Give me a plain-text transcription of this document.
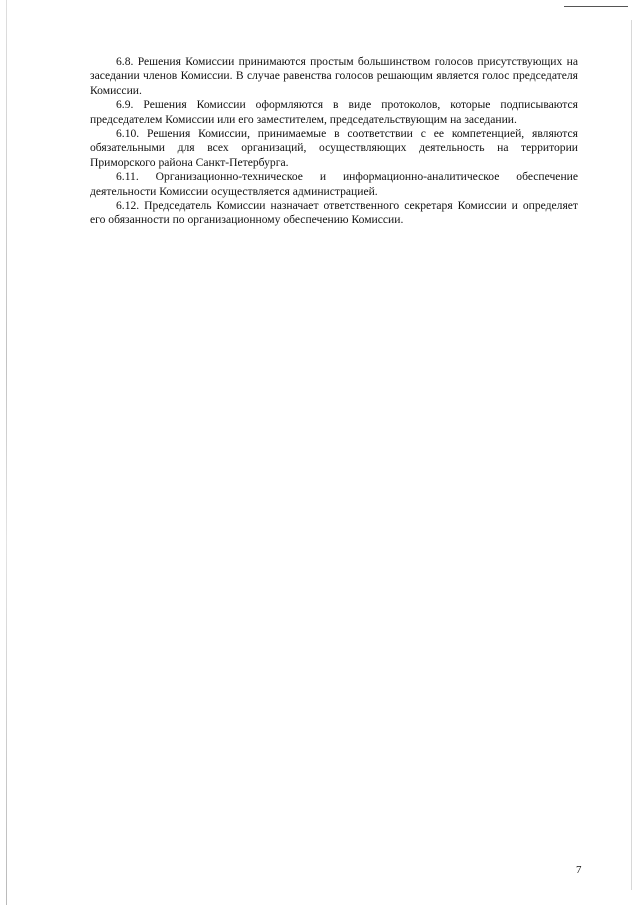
6.8. Решения Комиссии принимаются простым большинством голосов присутствующих на заседании членов Комиссии. В случае равенства голосов решающим является голос председателя Комиссии.

6.9. Решения Комиссии оформляются в виде протоколов, которые подписываются председателем Комиссии или его заместителем, председательствующим на заседании.

6.10. Решения Комиссии, принимаемые в соответствии с ее компетенцией, являются обязательными для всех организаций, осуществляющих деятельность на территории Приморского района Санкт-Петербурга.

6.11. Организационно-техническое и информационно-аналитическое обеспечение деятельности Комиссии осуществляется администрацией.

6.12. Председатель Комиссии назначает ответственного секретаря Комиссии и определяет его обязанности по организационному обеспечению Комиссии.

7
